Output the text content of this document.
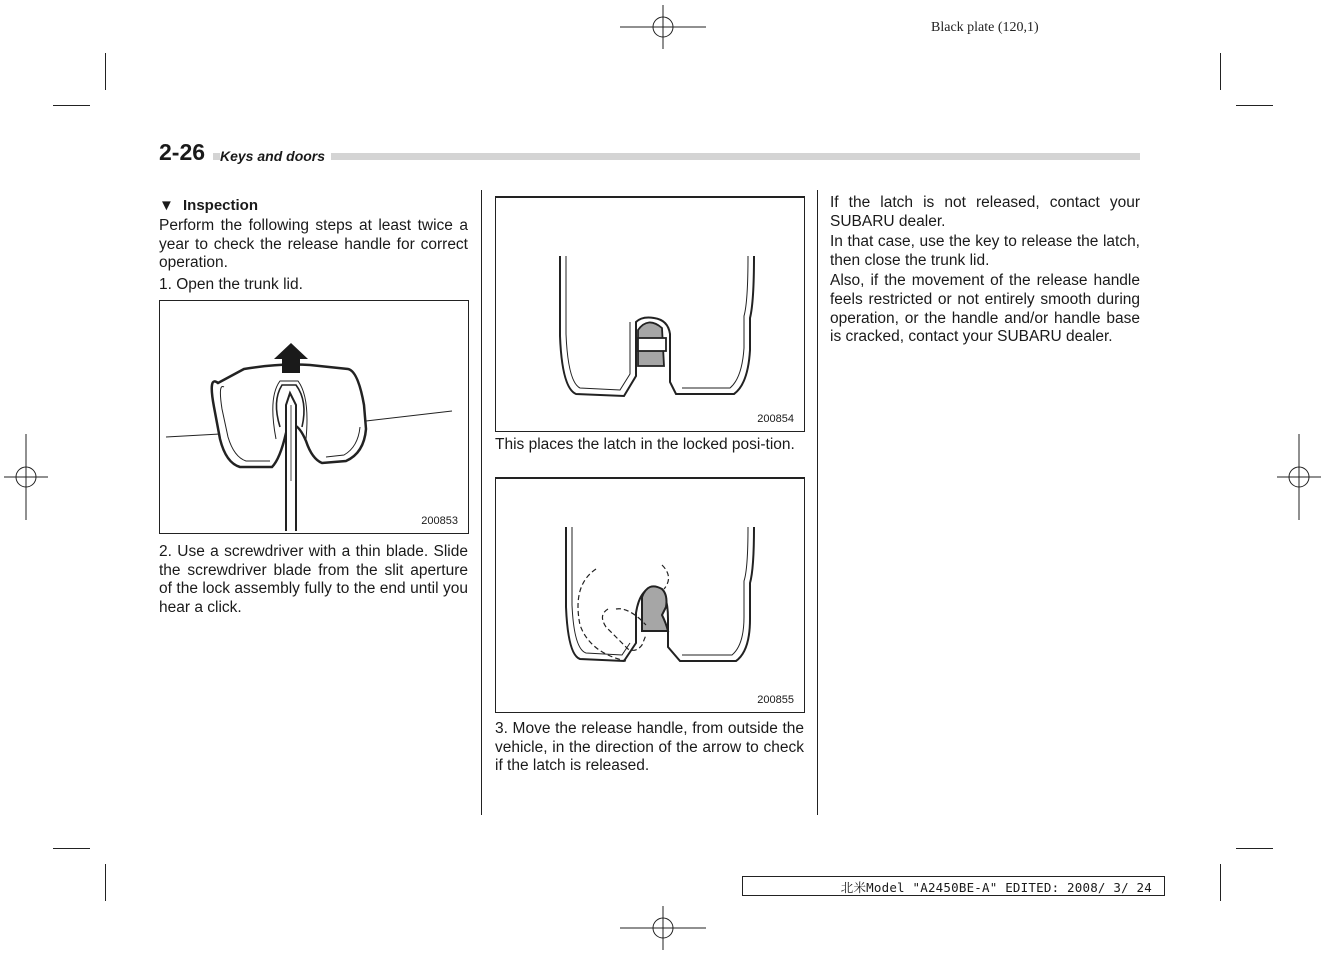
Black plate (120,1)
2-26	Keys and doors
▼ Inspection

Perform the following steps at least twice a year to check the release handle for correct operation.

1. Open the trunk lid.

200853

2. Use a screwdriver with a thin blade. Slide the screwdriver blade from the slit aperture of the lock assembly fully to the end until you hear a click.

200854

This places the latch in the locked posi-tion.

200855

3. Move the release handle, from outside the vehicle, in the direction of the arrow to check if the latch is released.

If the latch is not released, contact your SUBARU dealer.

In that case, use the key to release the latch, then close the trunk lid.

Also, if the movement of the release handle feels restricted or not entirely smooth during operation, or the handle and/or handle base is cracked, contact your SUBARU dealer.

北米Model "A2450BE-A" EDITED: 2008/ 3/ 24
